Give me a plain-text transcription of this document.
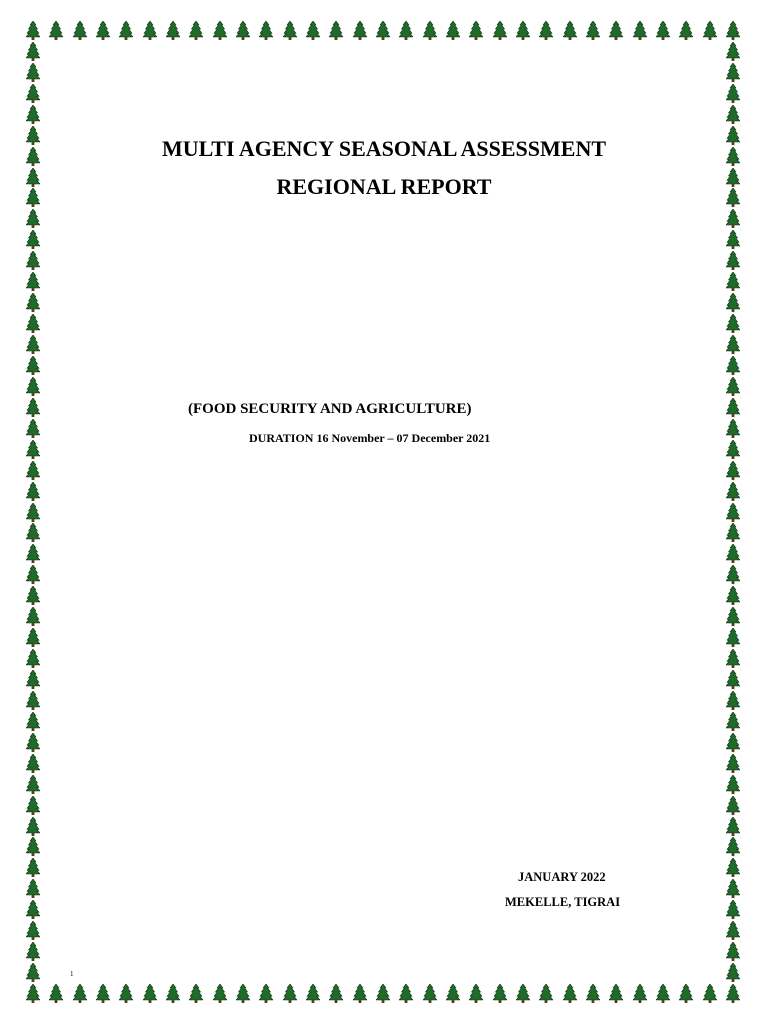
MULTI AGENCY SEASONAL ASSESSMENT
REGIONAL REPORT

(FOOD SECURITY AND AGRICULTURE)

DURATION 16 November – 07 December 2021

JANUARY 2022

MEKELLE, TIGRAI

1
